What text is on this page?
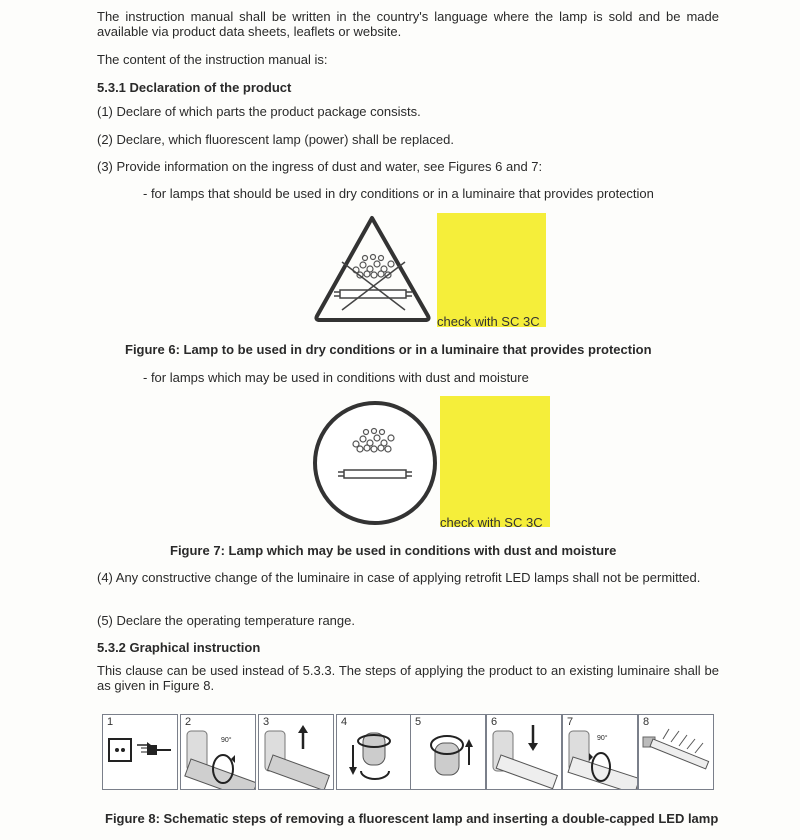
The instruction manual shall be written in the country's language where the lamp is sold and be made available via product data sheets, leaflets or website.
The content of the instruction manual is:
5.3.1 Declaration of the product
(1) Declare of which parts the product package consists.
(2) Declare, which fluorescent lamp (power) shall be replaced.
(3) Provide information on the ingress of dust and water, see Figures 6 and 7:
- for lamps that should be used in dry conditions or in a luminaire that provides protection
check with SC 3C
Figure 6: Lamp to be used in dry conditions or in a luminaire that provides protection
- for lamps which may be used in conditions with dust and moisture
check with SC 3C
Figure 7: Lamp which may be used in conditions with dust and moisture
(4) Any constructive change of the luminaire in case of applying retrofit LED lamps shall not be permitted.
(5) Declare the operating temperature range.
5.3.2 Graphical instruction
This clause can be used instead of 5.3.3. The steps of applying the product to an existing luminaire shall be as given in Figure 8.
1	2
90°
3	4	5	6	7
90°
8
Figure 8: Schematic steps of removing a fluorescent lamp and inserting a double-capped LED lamp
